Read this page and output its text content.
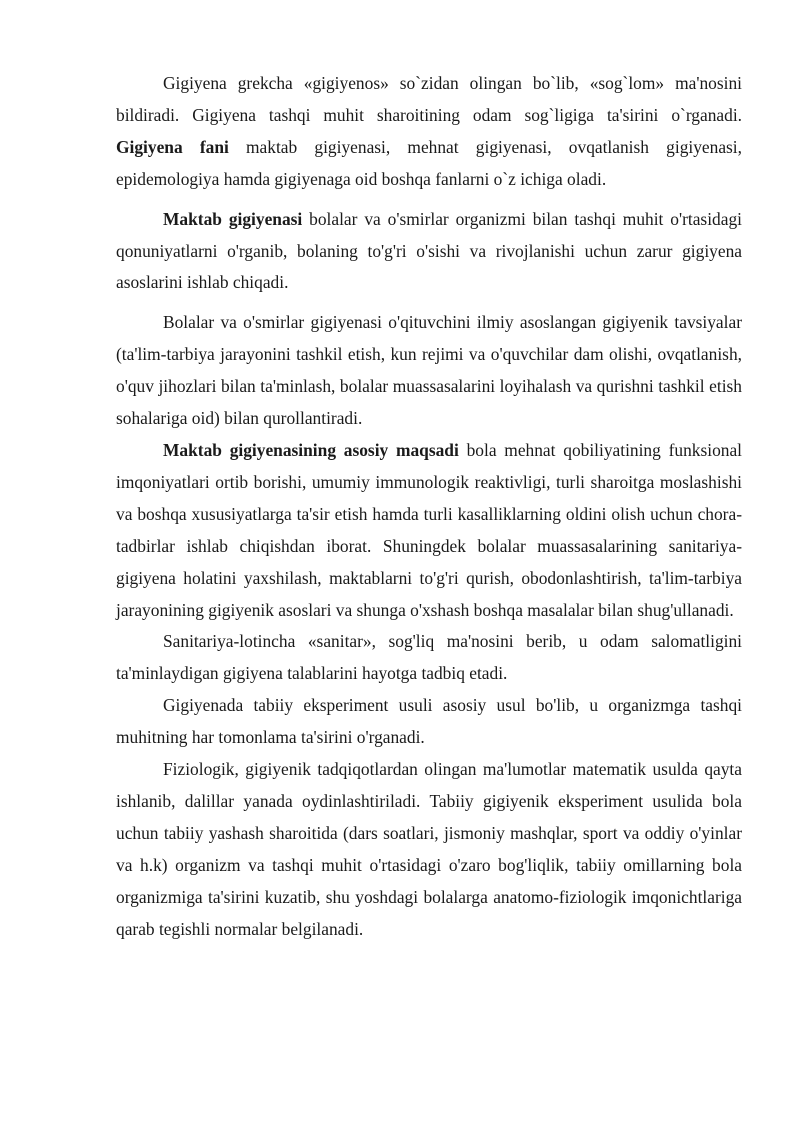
Gigiyena grekcha «gigiyenos» so`zidan olingan bo`lib, «sog`lom» ma'nosini bildiradi. Gigiyena tashqi muhit sharoitining odam sog`ligiga ta'sirini o`rganadi. Gigiyena fani maktab gigiyenasi, mehnat gigiyenasi, ovqatlanish gigiyenasi, epidemologiya hamda gigiyenaga oid boshqa fanlarni o`z ichiga oladi.

Maktab gigiyenasi bolalar va o'smirlar organizmi bilan tashqi muhit o'rtasidagi qonuniyatlarni o'rganib, bolaning to'g'ri o'sishi va rivojlanishi uchun zarur gigiyena asoslarini ishlab chiqadi.

Bolalar va o'smirlar gigiyenasi o'qituvchini ilmiy asoslangan gigiyenik tavsiyalar (ta'lim-tarbiya jarayonini tashkil etish, kun rejimi va o'quvchilar dam olishi, ovqatlanish, o'quv jihozlari bilan ta'minlash, bolalar muassasalarini loyihalash va qurishni tashkil etish sohalariga oid) bilan qurollantiradi.

Maktab gigiyenasining asosiy maqsadi bola mehnat qobiliyatining funksional imqoniyatlari ortib borishi, umumiy immunologik reaktivligi, turli sharoitga moslashishi va boshqa xususiyatlarga ta'sir etish hamda turli kasalliklarning oldini olish uchun chora-tadbirlar ishlab chiqishdan iborat. Shuningdek bolalar muassasalarining sanitariya-gigiyena holatini yaxshilash, maktablarni to'g'ri qurish, obodonlashtirish, ta'lim-tarbiya jarayonining gigiyenik asoslari va shunga o'xshash boshqa masalalar bilan shug'ullanadi.

Sanitariya-lotincha «sanitar», sog'liq ma'nosini berib, u odam salomatligini ta'minlaydigan gigiyena talablarini hayotga tadbiq etadi.

Gigiyenada tabiiy eksperiment usuli asosiy usul bo'lib, u organizmga tashqi muhitning har tomonlama ta'sirini o'rganadi.

Fiziologik, gigiyenik tadqiqotlardan olingan ma'lumotlar matematik usulda qayta ishlanib, dalillar yanada oydinlashtiriladi. Tabiiy gigiyenik eksperiment usulida bola uchun tabiiy yashash sharoitida (dars soatlari, jismoniy mashqlar, sport va oddiy o'yinlar va h.k) organizm va tashqi muhit o'rtasidagi o'zaro bog'liqlik, tabiiy omillarning bola organizmiga ta'sirini kuzatib, shu yoshdagi bolalarga anatomo-fiziologik imqonichtlariga qarab tegishli normalar belgilanadi.
